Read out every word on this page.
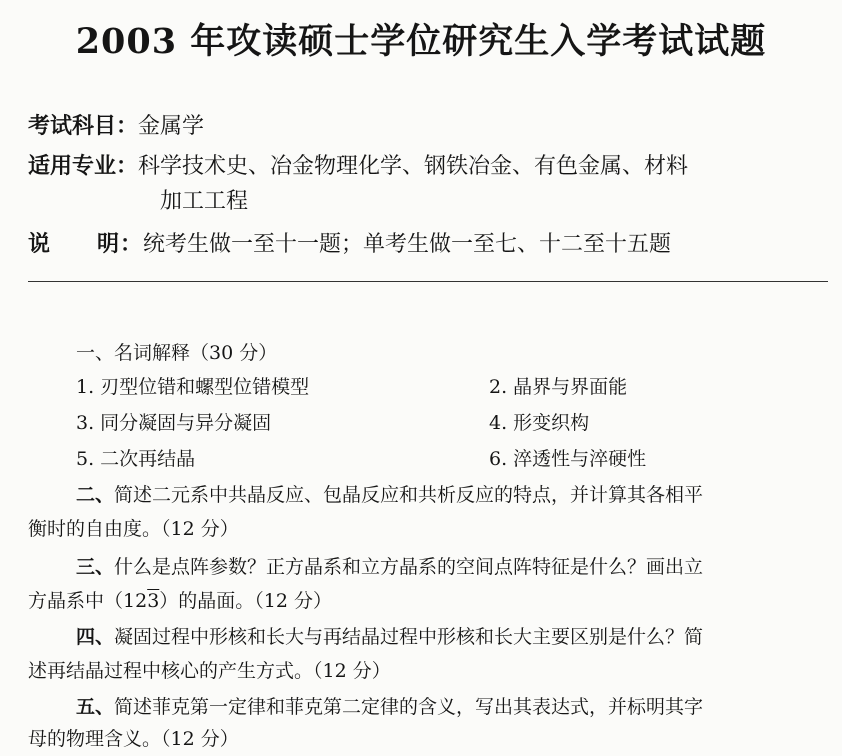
2003 年攻读硕士学位研究生入学考试试题
考试科目：金属学
适用专业：科学技术史、冶金物理化学、钢铁冶金、有色金属、材料
加工工程
说　　明：统考生做一至十一题；单考生做一至七、十二至十五题
一、名词解释（30 分）
1. 刃型位错和螺型位错模型	2. 晶界与界面能
3. 同分凝固与异分凝固	4. 形变织构
5. 二次再结晶	6. 淬透性与淬硬性
二、简述二元系中共晶反应、包晶反应和共析反应的特点，并计算其各相平
衡时的自由度。（12 分）
三、什么是点阵参数？正方晶系和立方晶系的空间点阵特征是什么？画出立
方晶系中（123）的晶面。（12 分）
四、凝固过程中形核和长大与再结晶过程中形核和长大主要区别是什么？简
述再结晶过程中核心的产生方式。（12 分）
五、简述菲克第一定律和菲克第二定律的含义，写出其表达式，并标明其字
母的物理含义。（12 分）
